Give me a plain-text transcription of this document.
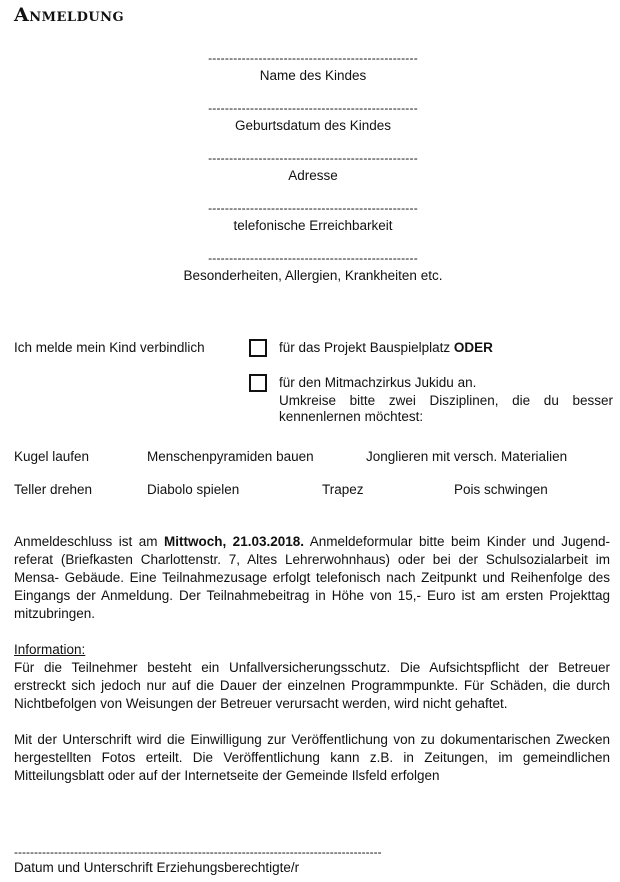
Anmeldung
--------------------------------------------------
Name des Kindes
--------------------------------------------------
Geburtsdatum des Kindes
--------------------------------------------------
Adresse
--------------------------------------------------
telefonische Erreichbarkeit
--------------------------------------------------
Besonderheiten, Allergien, Krankheiten etc.
Ich melde mein Kind verbindlich	für das Projekt Bauspielplatz ODER
für den Mitmachzirkus Jukidu an.
Umkreise bitte zwei Disziplinen, die du besser kennenlernen möchtest:
Kugel laufen	Menschenpyramiden bauen	Jonglieren mit versch. Materialien
Teller drehen	Diabolo spielen	Trapez	Pois schwingen

Anmeldeschluss ist am Mittwoch, 21.03.2018. Anmeldeformular bitte beim Kinder und Jugend-referat (Briefkasten Charlottenstr. 7, Altes Lehrerwohnhaus) oder bei der Schulsozialarbeit im Mensa- Gebäude. Eine Teilnahmezusage erfolgt telefonisch nach Zeitpunkt und Reihenfolge des Eingangs der Anmeldung. Der Teilnahmebeitrag in Höhe von 15,- Euro ist am ersten Projekttag mitzubringen.

Information:

Für die Teilnehmer besteht ein Unfallversicherungsschutz. Die Aufsichtspflicht der Betreuer erstreckt sich jedoch nur auf die Dauer der einzelnen Programmpunkte. Für Schäden, die durch Nichtbefolgen von Weisungen der Betreuer verursacht werden, wird nicht gehaftet.

Mit der Unterschrift wird die Einwilligung zur Veröffentlichung von zu dokumentarischen Zwecken hergestellten Fotos erteilt. Die Veröffentlichung kann z.B. in Zeitungen, im gemeindlichen Mitteilungsblatt oder auf der Internetseite der Gemeinde Ilsfeld erfolgen

--------------------------------------------------------------------------------------------
Datum und Unterschrift Erziehungsberechtigte/r
